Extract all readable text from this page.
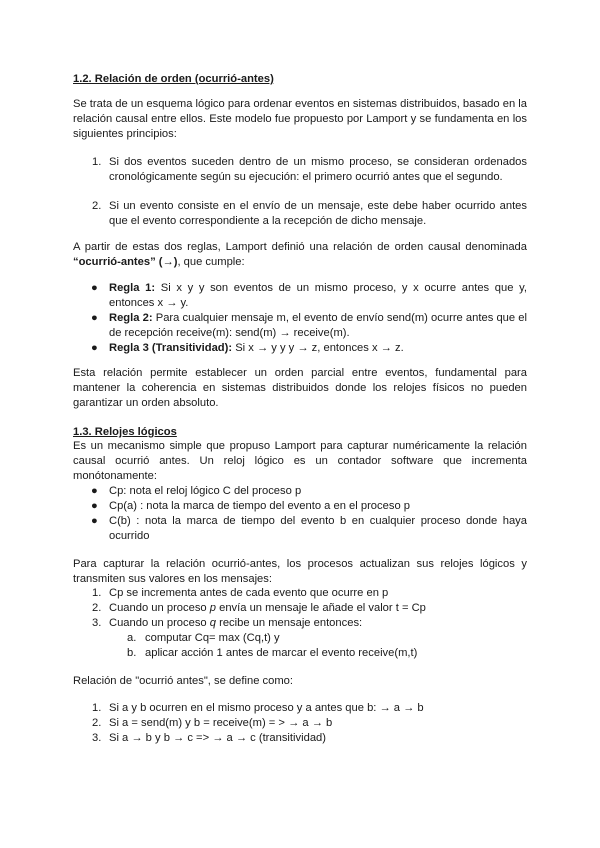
1.2. Relación de orden (ocurrió-antes)
Se trata de un esquema lógico para ordenar eventos en sistemas distribuidos, basado en la relación causal entre ellos. Este modelo fue propuesto por Lamport y se fundamenta en los siguientes principios:
1. Si dos eventos suceden dentro de un mismo proceso, se consideran ordenados cronológicamente según su ejecución: el primero ocurrió antes que el segundo.
2. Si un evento consiste en el envío de un mensaje, este debe haber ocurrido antes que el evento correspondiente a la recepción de dicho mensaje.
A partir de estas dos reglas, Lamport definió una relación de orden causal denominada “ocurrió-antes” (→), que cumple:
● Regla 1: Si x y y son eventos de un mismo proceso, y x ocurre antes que y, entonces x → y.
● Regla 2: Para cualquier mensaje m, el evento de envío send(m) ocurre antes que el de recepción receive(m): send(m) → receive(m).
● Regla 3 (Transitividad): Si x → y y y → z, entonces x → z.
Esta relación permite establecer un orden parcial entre eventos, fundamental para mantener la coherencia en sistemas distribuidos donde los relojes físicos no pueden garantizar un orden absoluto.
1.3. Relojes lógicos
Es un mecanismo simple que propuso Lamport para capturar numéricamente la relación causal ocurrió antes. Un reloj lógico es un contador software que incrementa monótonamente:
● Cp: nota el reloj lógico C del proceso p
● Cp(a) : nota la marca de tiempo del evento a en el proceso p
● C(b) : nota la marca de tiempo del evento b en cualquier proceso donde haya ocurrido
Para capturar la relación ocurrió-antes, los procesos actualizan sus relojes lógicos y transmiten sus valores en los mensajes:
1. Cp se incrementa antes de cada evento que ocurre en p
2. Cuando un proceso p envía un mensaje le añade el valor t = Cp
3. Cuando un proceso q recibe un mensaje entonces:
a. computar Cq= max (Cq,t) y
b. aplicar acción 1 antes de marcar el evento receive(m,t)
Relación de "ocurrió antes", se define como:
1. Si a y b ocurren en el mismo proceso y a antes que b: → a → b
2. Si a = send(m) y b = receive(m) = > → a → b
3. Si a → b y b → c => → a → c (transitividad)
